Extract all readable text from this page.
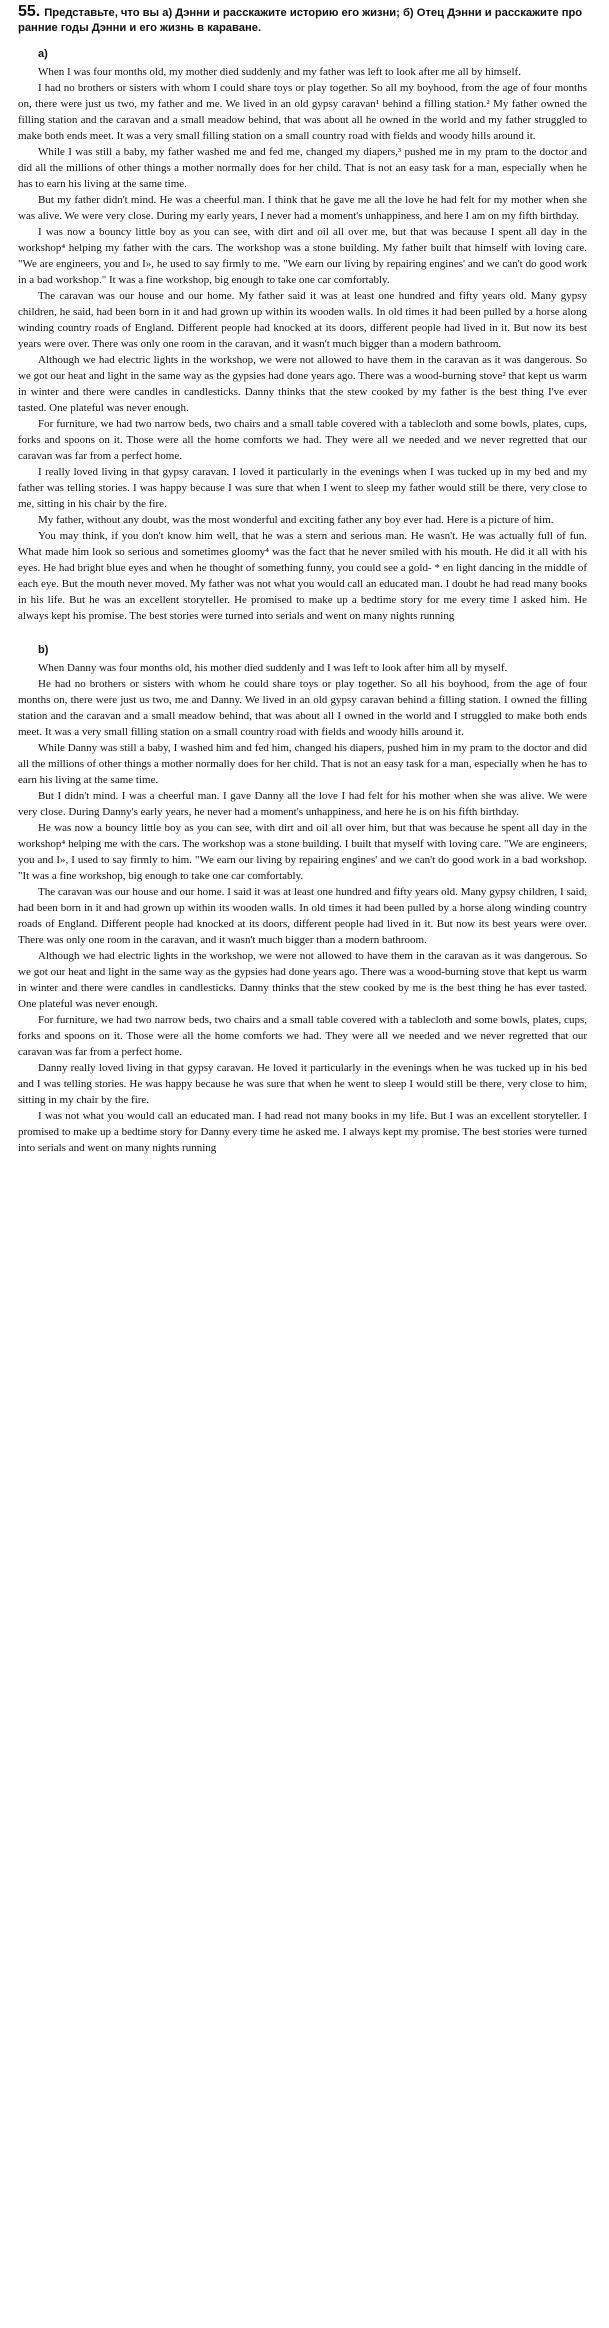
55. Представьте, что вы а) Дэнни и расскажите историю его жизни; б) Отец Дэнни и расскажите про ранние годы Дэнни и его жизнь в караване.
а)

When I was four months old, my mother died suddenly and my father was left to look after me all by himself.

I had no brothers or sisters with whom I could share toys or play together. So all my boyhood, from the age of four months on, there were just us two, my father and me. We lived in an old gypsy caravan¹ behind a filling station.² My father owned the filling station and the caravan and a small meadow behind, that was about all he owned in the world and my father struggled to make both ends meet. It was a very small filling station on a small country road with fields and woody hills around it.

While I was still a baby, my father washed me and fed me, changed my diapers,³ pushed me in my pram to the doctor and did all the millions of other things a mother normally does for her child. That is not an easy task for a man, especially when he has to earn his living at the same time.

But my father didn't mind. He was a cheerful man. I think that he gave me all the love he had felt for my mother when she was alive. We were very close. During my early years, I never had a moment's unhappiness, and here I am on my fifth birthday.

I was now a bouncy little boy as you can see, with dirt and oil all over me, but that was because I spent all day in the workshop⁴ helping my father with the cars. The workshop was a stone building. My father built that himself with loving care. "We are engineers, you and I», he used to say firmly to me. "We earn our living by repairing engines' and we can't do good work in a bad workshop." It was a fine workshop, big enough to take one car comfortably.

The caravan was our house and our home. My father said it was at least one hundred and fifty years old. Many gypsy children, he said, had been born in it and had grown up within its wooden walls. In old times it had been pulled by a horse along winding country roads of England. Different people had knocked at its doors, different people had lived in it. But now its best years were over. There was only one room in the caravan, and it wasn't much bigger than a modern bathroom.

Although we had electric lights in the workshop, we were not allowed to have them in the caravan as it was dangerous. So we got our heat and light in the same way as the gypsies had done years ago. There was a wood-burning stove² that kept us warm in winter and there were candles in candlesticks. Danny thinks that the stew cooked by my father is the best thing I've ever tasted. One plateful was never enough.

For furniture, we had two narrow beds, two chairs and a small table covered with a tablecloth and some bowls, plates, cups, forks and spoons on it. Those were all the home comforts we had. They were all we needed and we never regretted that our caravan was far from a perfect home.

I really loved living in that gypsy caravan. I loved it particularly in the evenings when I was tucked up in my bed and my father was telling stories. I was happy because I was sure that when I went to sleep my father would still be there, very close to me, sitting in his chair by the fire.

My father, without any doubt, was the most wonderful and exciting father any boy ever had. Here is a picture of him.

You may think, if you don't know him well, that he was a stern and serious man. He wasn't. He was actually full of fun. What made him look so serious and sometimes gloomy⁴ was the fact that he never smiled with his mouth. He did it all with his eyes. He had bright blue eyes and when he thought of something funny, you could see a gold- * en light dancing in the middle of each eye. But the mouth never moved. My father was not what you would call an educated man. I doubt he had read many books in his life. But he was an excellent storyteller. He promised to make up a bedtime story for me every time I asked him. He always kept his promise. The best stories were turned into serials and went on many nights running

b)

When Danny was four months old, his mother died suddenly and I was left to look after him all by myself.

He had no brothers or sisters with whom he could share toys or play together. So all his boyhood, from the age of four months on, there were just us two, me and Danny. We lived in an old gypsy caravan behind a filling station. I owned the filling station and the caravan and a small meadow behind, that was about all I owned in the world and I struggled to make both ends meet. It was a very small filling station on a small country road with fields and woody hills around it.

While Danny was still a baby, I washed him and fed him, changed his diapers, pushed him in my pram to the doctor and did all the millions of other things a mother normally does for her child. That is not an easy task for a man, especially when he has to earn his living at the same time.

But I didn't mind. I was a cheerful man. I gave Danny all the love I had felt for his mother when she was alive. We were very close. During Danny's early years, he never had a moment's unhappiness, and here he is on his fifth birthday.

He was now a bouncy little boy as you can see, with dirt and oil all over him, but that was because he spent all day in the workshop⁴ helping me with the cars. The workshop was a stone building. I built that myself with loving care. "We are engineers, you and I», I used to say firmly to him. "We earn our living by repairing engines' and we can't do good work in a bad workshop. "It was a fine workshop, big enough to take one car comfortably.

The caravan was our house and our home. I said it was at least one hundred and fifty years old. Many gypsy children, I said, had been born in it and had grown up within its wooden walls. In old times it had been pulled by a horse along winding country roads of England. Different people had knocked at its doors, different people had lived in it. But now its best years were over. There was only one room in the caravan, and it wasn't much bigger than a modern bathroom.

Although we had electric lights in the workshop, we were not allowed to have them in the caravan as it was dangerous. So we got our heat and light in the same way as the gypsies had done years ago. There was a wood-burning stove that kept us warm in winter and there were candles in candlesticks. Danny thinks that the stew cooked by me is the best thing he has ever tasted. One plateful was never enough.

For furniture, we had two narrow beds, two chairs and a small table covered with a tablecloth and some bowls, plates, cups, forks and spoons on it. Those were all the home comforts we had. They were all we needed and we never regretted that our caravan was far from a perfect home.

Danny really loved living in that gypsy caravan. He loved it particularly in the evenings when he was tucked up in his bed and I was telling stories. He was happy because he was sure that when he went to sleep I would still be there, very close to him, sitting in my chair by the fire.

I was not what you would call an educated man. I had read not many books in my life. But I was an excellent storyteller. I promised to make up a bedtime story for Danny every time he asked me. I always kept my promise. The best stories were turned into serials and went on many nights running
